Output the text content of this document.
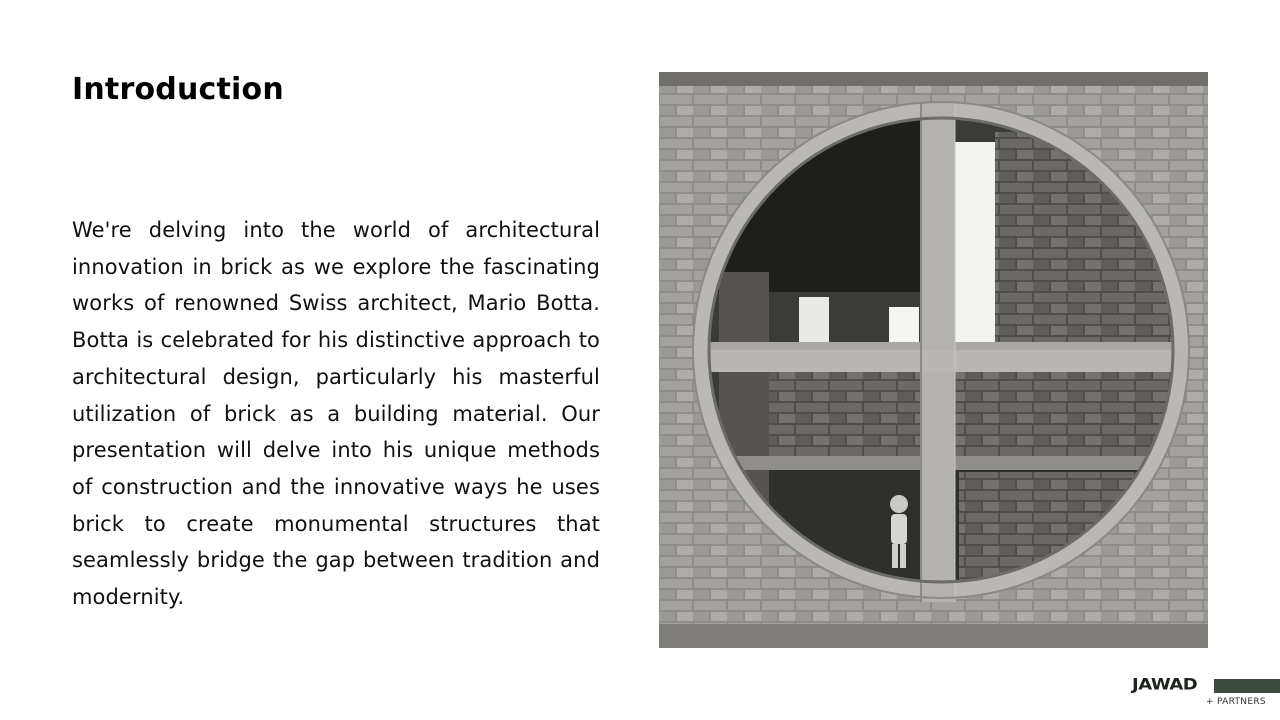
Introduction

We're delving into the world of architectural innovation in brick as we explore the fascinating works of renowned Swiss architect, Mario Botta. Botta is celebrated for his distinctive approach to architectural design, particularly his masterful utilization of brick as a building material. Our presentation will delve into his unique methods of construction and the innovative ways he uses brick to create monumental structures that seamlessly bridge the gap between tradition and modernity.

JAWAD
+ PARTNERS
